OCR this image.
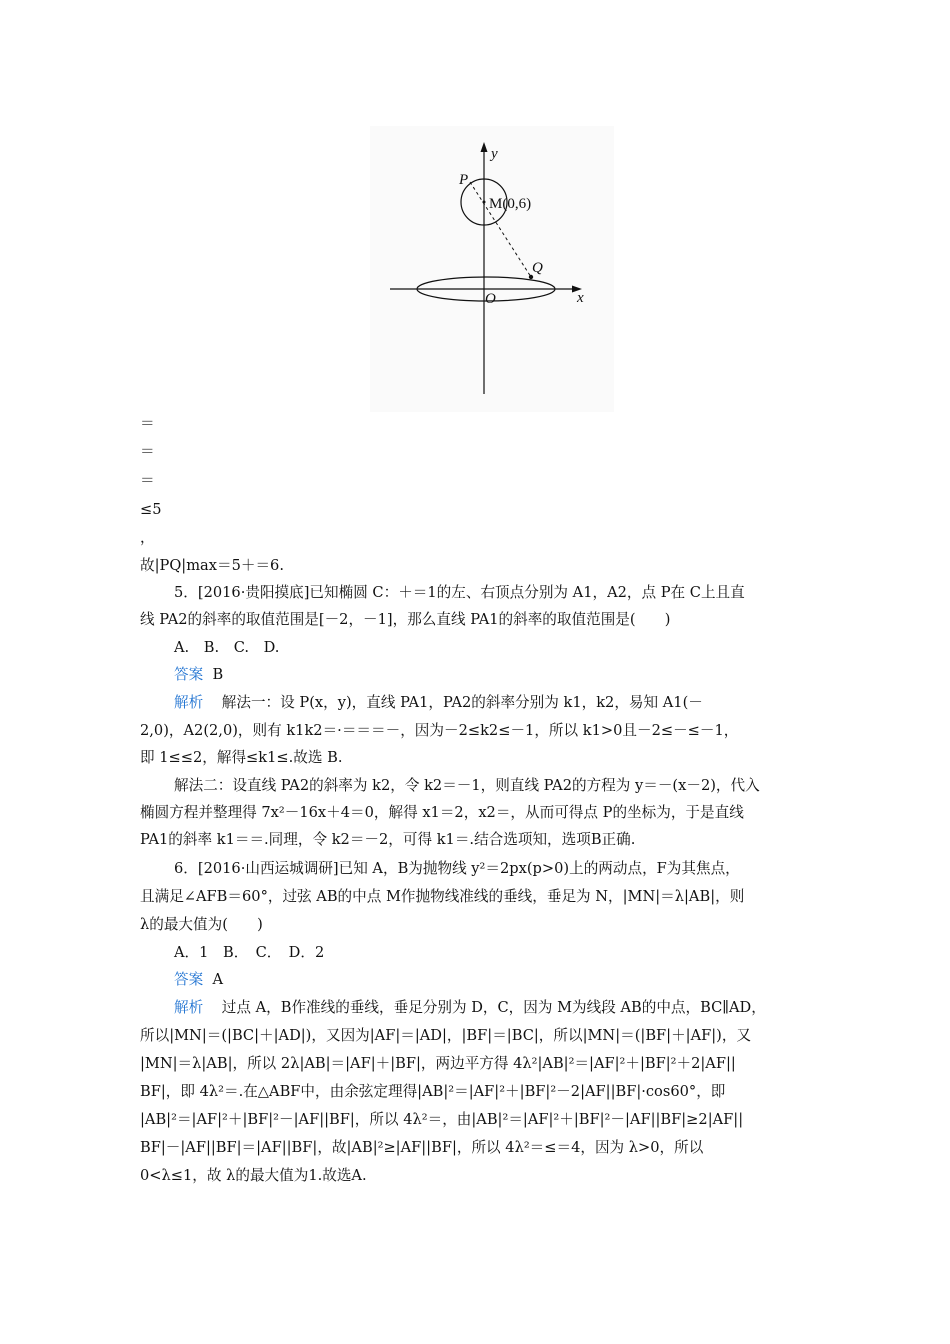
y
x
P
M(0,6)
Q
O
＝
＝
＝
≤5
，
故|PQ|max＝5＋＝6.
5．[2016·贵阳摸底]已知椭圆 C：＋＝1的左、右顶点分别为 A1，A2，点 P在 C上且直
线 PA2的斜率的取值范围是[－2，－1]，那么直线 PA1的斜率的取值范围是(　　)
A.　B.　C.　D.
答案 B
解析 解法一：设 P(x，y)，直线 PA1，PA2的斜率分别为 k1，k2，易知 A1(－
2,0)，A2(2,0)，则有 k1k2＝·＝＝＝－，因为－2≤k2≤－1，所以 k1>0且－2≤－≤－1，
即 1≤≤2，解得≤k1≤.故选 B.
解法二：设直线 PA2的斜率为 k2，令 k2＝－1，则直线 PA2的方程为 y＝－(x－2)，代入
椭圆方程并整理得 7x²－16x＋4＝0，解得 x1＝2，x2＝，从而可得点 P的坐标为，于是直线
PA1的斜率 k1＝＝.同理，令 k2＝－2，可得 k1＝.结合选项知，选项B正确.
6．[2016·山西运城调研]已知 A，B为抛物线 y²＝2px(p>0)上的两动点，F为其焦点，
且满足∠AFB＝60°，过弦 AB的中点 M作抛物线准线的垂线，垂足为 N，|MN|＝λ|AB|，则
λ的最大值为(　　)
A．1　B．　C．　D．2
答案 A
解析 过点 A，B作准线的垂线，垂足分别为 D，C，因为 M为线段 AB的中点，BC∥AD，
所以|MN|＝(|BC|＋|AD|)，又因为|AF|＝|AD|，|BF|＝|BC|，所以|MN|＝(|BF|＋|AF|)，又
|MN|＝λ|AB|，所以 2λ|AB|＝|AF|＋|BF|，两边平方得 4λ²|AB|²＝|AF|²＋|BF|²＋2|AF||
BF|，即 4λ²＝.在△ABF中，由余弦定理得|AB|²＝|AF|²＋|BF|²－2|AF||BF|·cos60°，即
|AB|²＝|AF|²＋|BF|²－|AF||BF|，所以 4λ²＝，由|AB|²＝|AF|²＋|BF|²－|AF||BF|≥2|AF||
BF|－|AF||BF|＝|AF||BF|，故|AB|²≥|AF||BF|，所以 4λ²＝≤＝4，因为 λ>0，所以
0<λ≤1，故 λ的最大值为1.故选A.
